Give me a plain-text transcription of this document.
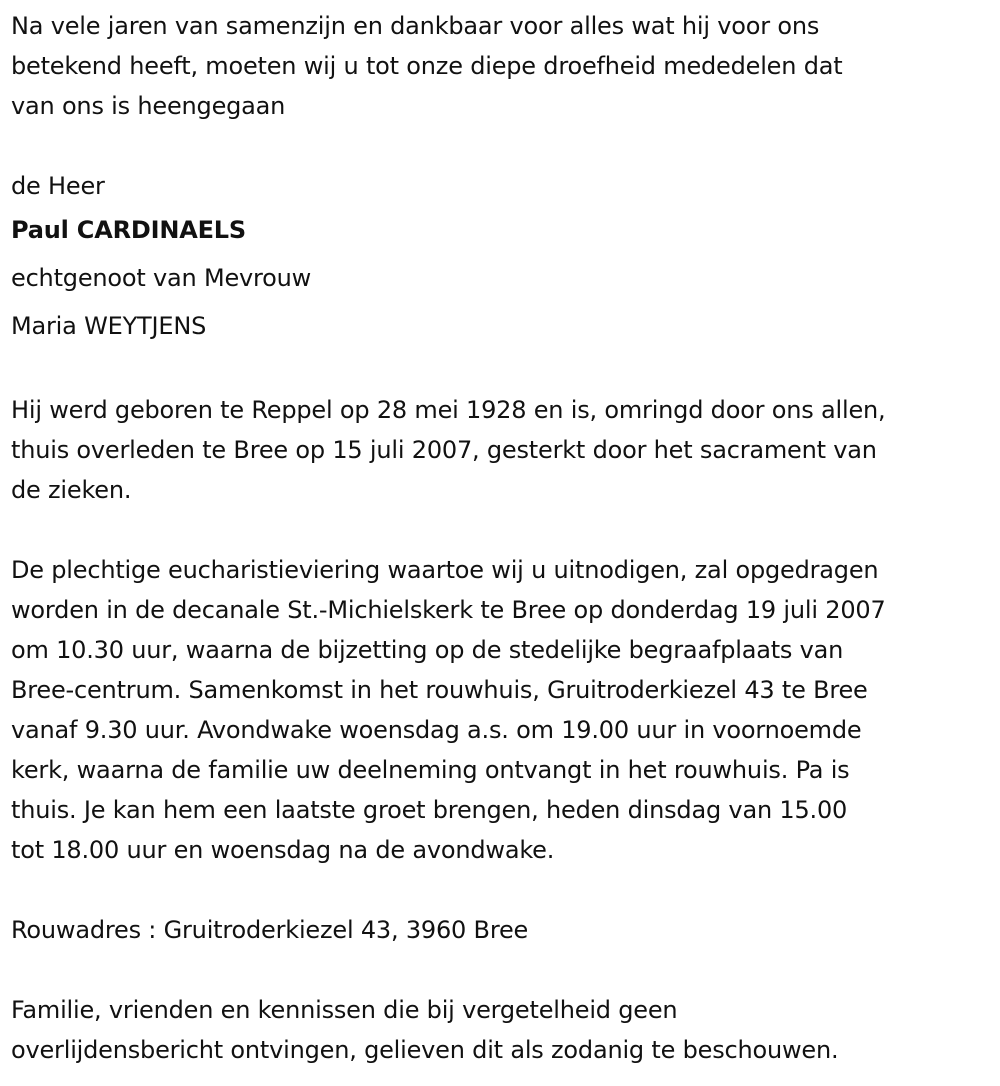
Na vele jaren van samenzijn en dankbaar voor alles wat hij voor ons
betekend heeft, moeten wij u tot onze diepe droefheid mededelen dat
van ons is heengegaan
de Heer
Paul CARDINAELS
echtgenoot van Mevrouw
Maria WEYTJENS
Hij werd geboren te Reppel op 28 mei 1928 en is, omringd door ons allen,
thuis overleden te Bree op 15 juli 2007, gesterkt door het sacrament van
de zieken.
De plechtige eucharistieviering waartoe wij u uitnodigen, zal opgedragen
worden in de decanale St.-Michielskerk te Bree op donderdag 19 juli 2007
om 10.30 uur, waarna de bijzetting op de stedelijke begraafplaats van
Bree-centrum. Samenkomst in het rouwhuis, Gruitroderkiezel 43 te Bree
vanaf 9.30 uur. Avondwake woensdag a.s. om 19.00 uur in voornoemde
kerk, waarna de familie uw deelneming ontvangt in het rouwhuis. Pa is
thuis. Je kan hem een laatste groet brengen, heden dinsdag van 15.00
tot 18.00 uur en woensdag na de avondwake.
Rouwadres : Gruitroderkiezel 43, 3960 Bree
Familie, vrienden en kennissen die bij vergetelheid geen
overlijdensbericht ontvingen, gelieven dit als zodanig te beschouwen.
